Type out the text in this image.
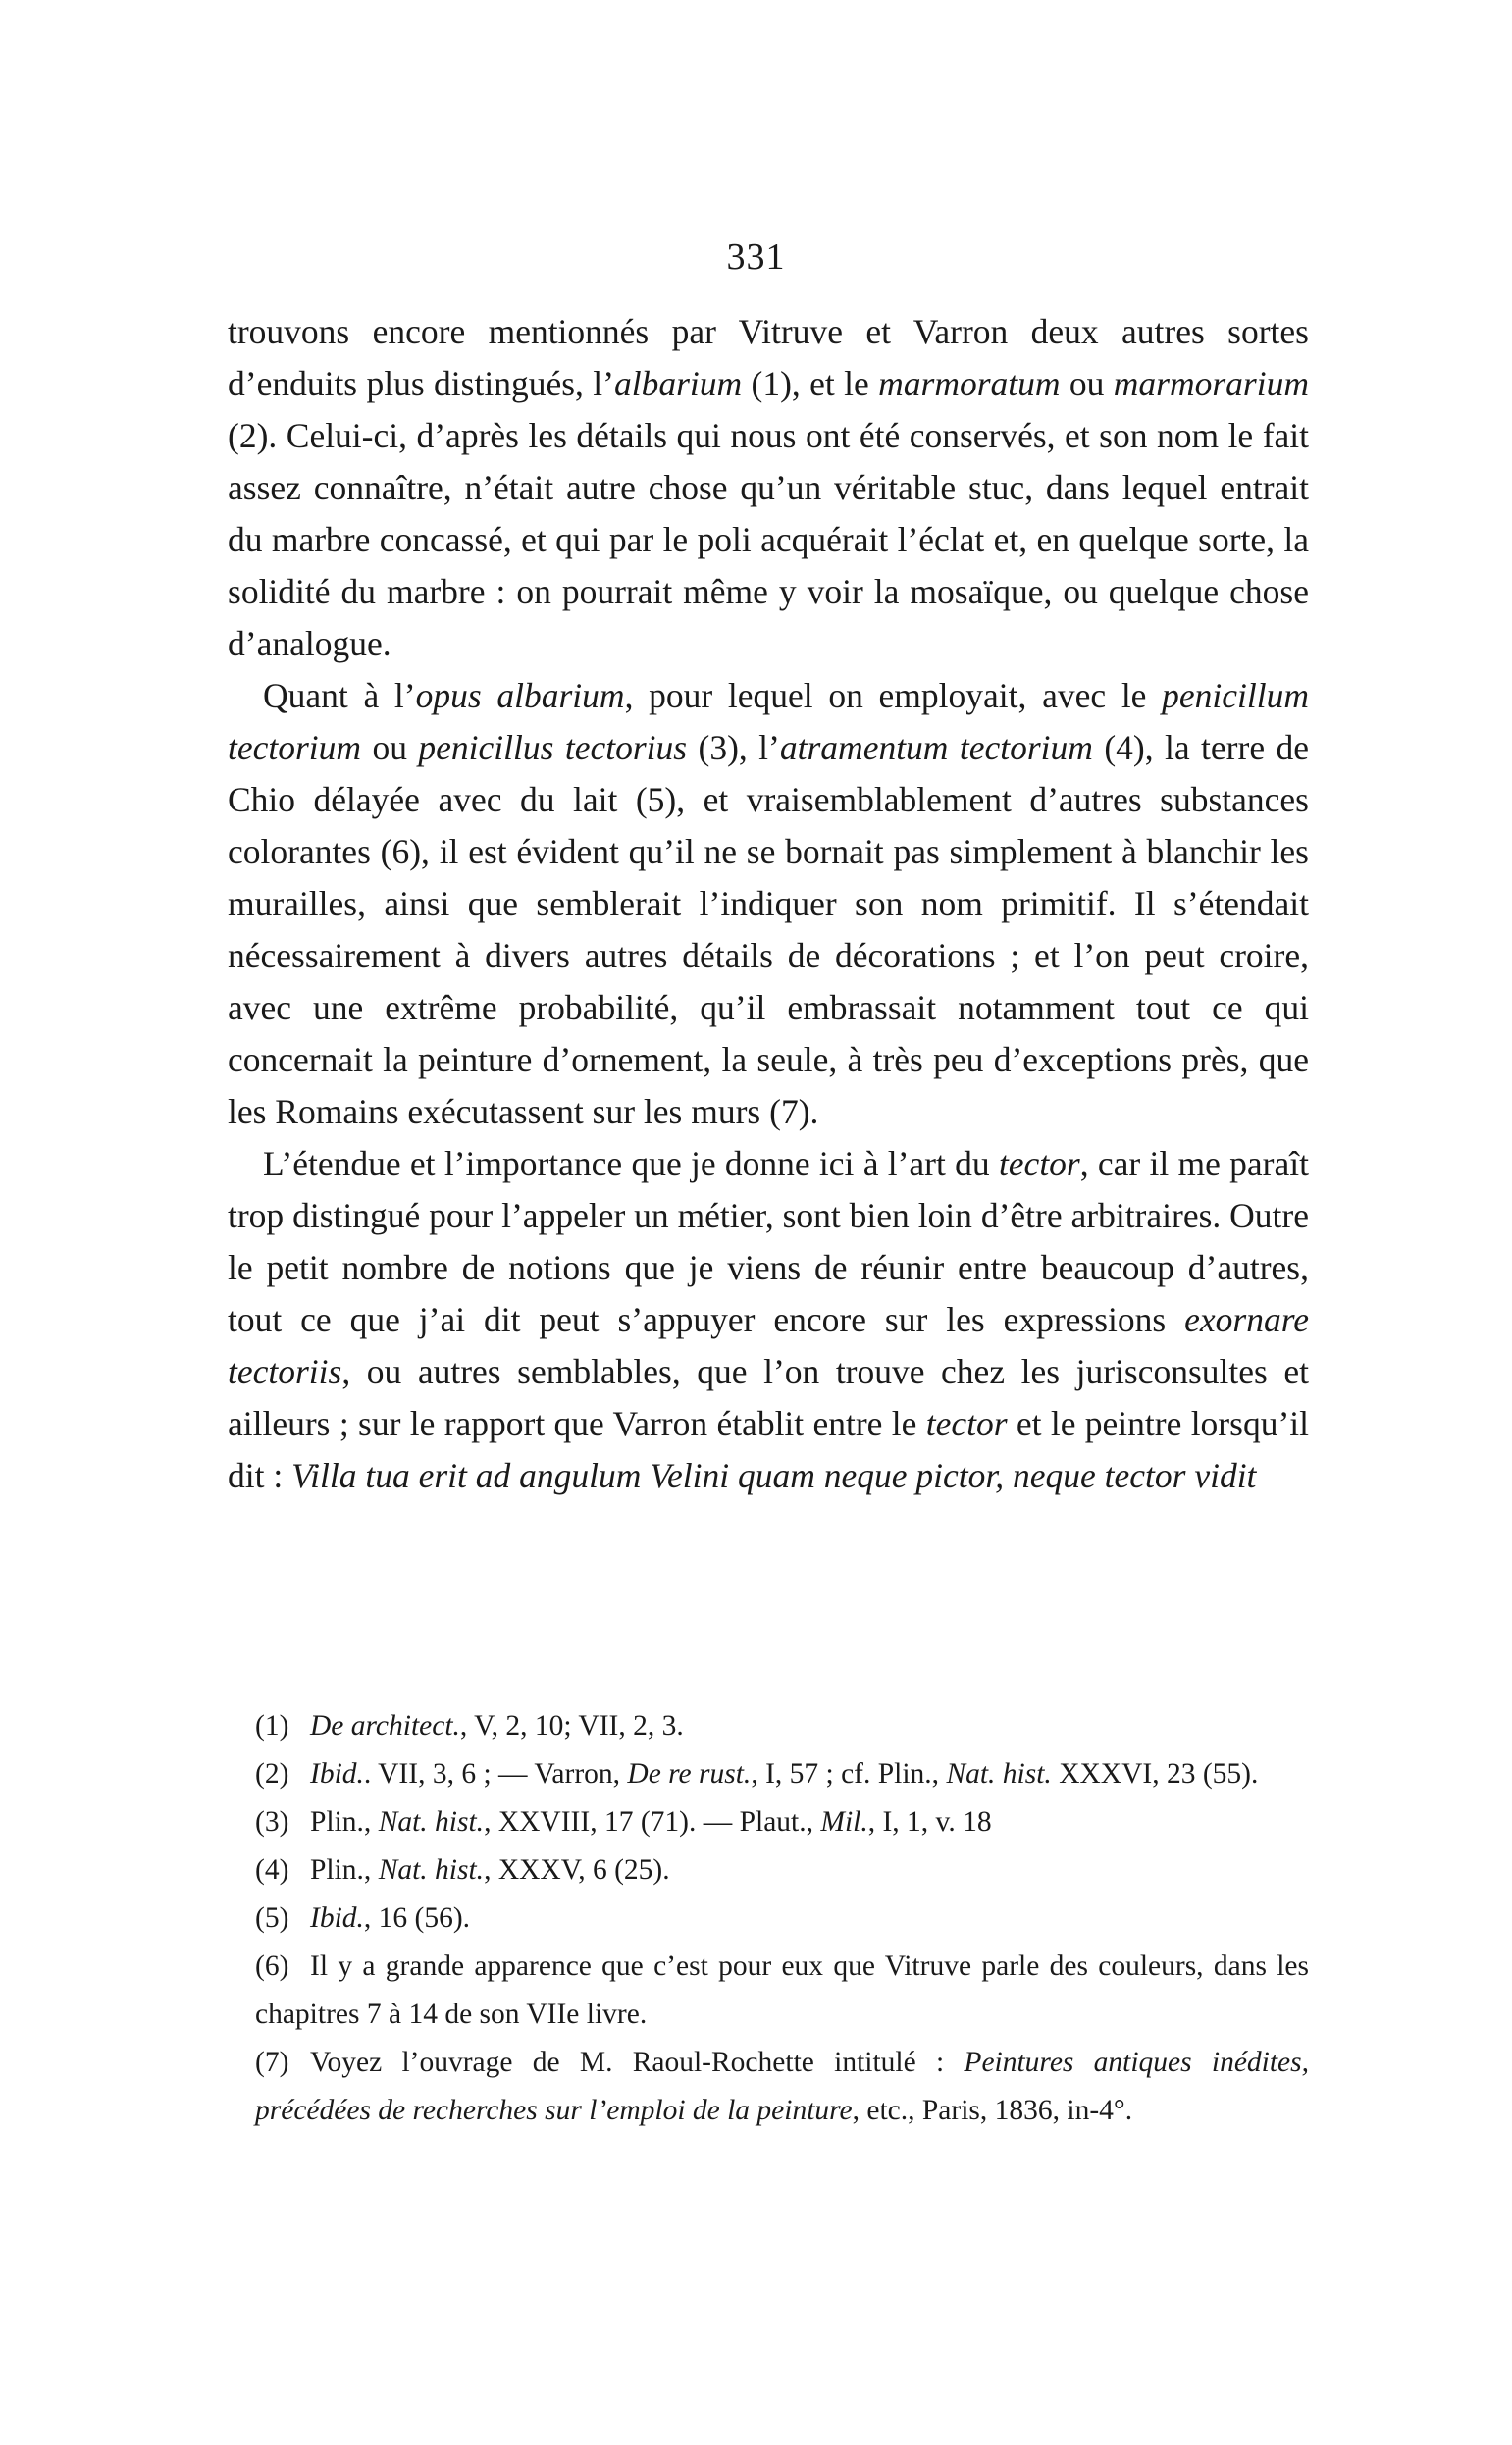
331

trouvons encore mentionnés par Vitruve et Varron deux autres sortes d’enduits plus distingués, l’albarium (1), et le marmoratum ou marmorarium (2). Celui-ci, d’après les détails qui nous ont été conservés, et son nom le fait assez connaître, n’était autre chose qu’un véritable stuc, dans lequel entrait du marbre concassé, et qui par le poli acquérait l’éclat et, en quelque sorte, la solidité du marbre : on pourrait même y voir la mosaïque, ou quelque chose d’analogue.

Quant à l’opus albarium, pour lequel on employait, avec le penicillum tectorium ou penicillus tectorius (3), l’atramentum tectorium (4), la terre de Chio délayée avec du lait (5), et vraisemblablement d’autres substances colorantes (6), il est évident qu’il ne se bornait pas simplement à blanchir les murailles, ainsi que semblerait l’indiquer son nom primitif. Il s’étendait nécessairement à divers autres détails de décorations ; et l’on peut croire, avec une extrême probabilité, qu’il embrassait notamment tout ce qui concernait la peinture d’ornement, la seule, à très peu d’exceptions près, que les Romains exécutassent sur les murs (7).

L’étendue et l’importance que je donne ici à l’art du tector, car il me paraît trop distingué pour l’appeler un métier, sont bien loin d’être arbitraires. Outre le petit nombre de notions que je viens de réunir entre beaucoup d’autres, tout ce que j’ai dit peut s’appuyer encore sur les expressions exornare tectoriis, ou autres semblables, que l’on trouve chez les jurisconsultes et ailleurs ; sur le rapport que Varron établit entre le tector et le peintre lorsqu’il dit : Villa tua erit ad angulum Velini quam neque pictor, neque tector vidit

(1) De architect., V, 2, 10; VII, 2, 3.

(2) Ibid.. VII, 3, 6 ; — Varron, De re rust., I, 57 ; cf. Plin., Nat. hist. XXXVI, 23 (55).

(3) Plin., Nat. hist., XXVIII, 17 (71). — Plaut., Mil., I, 1, v. 18

(4) Plin., Nat. hist., XXXV, 6 (25).

(5) Ibid., 16 (56).

(6) Il y a grande apparence que c’est pour eux que Vitruve parle des couleurs, dans les chapitres 7 à 14 de son VIIe livre.

(7) Voyez l’ouvrage de M. Raoul-Rochette intitulé : Peintures antiques inédites, précédées de recherches sur l’emploi de la peinture, etc., Paris, 1836, in-4°.
